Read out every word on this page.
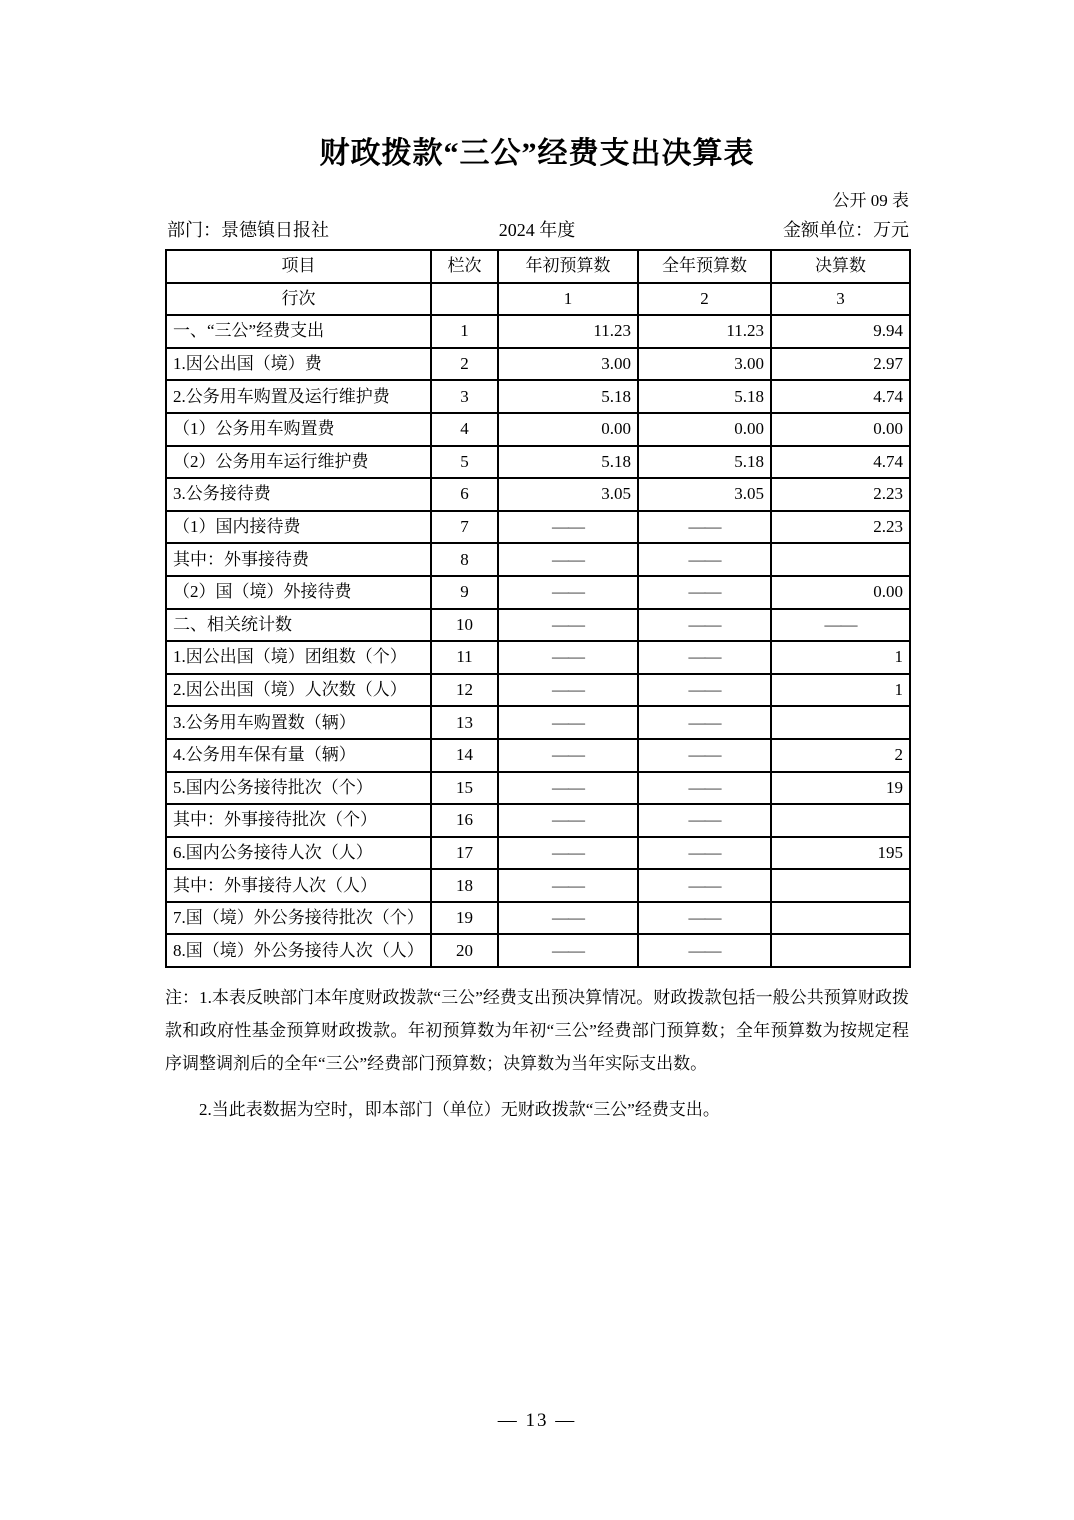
财政拨款“三公”经费支出决算表
公开 09 表
部门：景德镇日报社	2024 年度	金额单位：万元
项目	栏次	年初预算数	全年预算数	决算数
行次		1	2	3
一、“三公”经费支出	1	11.23	11.23	9.94
1.因公出国（境）费	2	3.00	3.00	2.97
2.公务用车购置及运行维护费	3	5.18	5.18	4.74
（1）公务用车购置费	4	0.00	0.00	0.00
（2）公务用车运行维护费	5	5.18	5.18	4.74
3.公务接待费	6	3.05	3.05	2.23
（1）国内接待费	7	——	——	2.23
其中：外事接待费	8	——	——	
（2）国（境）外接待费	9	——	——	0.00
二、相关统计数	10	——	——	——
1.因公出国（境）团组数（个）	11	——	——	1
2.因公出国（境）人次数（人）	12	——	——	1
3.公务用车购置数（辆）	13	——	——	
4.公务用车保有量（辆）	14	——	——	2
5.国内公务接待批次（个）	15	——	——	19
其中：外事接待批次（个）	16	——	——	
6.国内公务接待人次（人）	17	——	——	195
其中：外事接待人次（人）	18	——	——	
7.国（境）外公务接待批次（个）	19	——	——	
8.国（境）外公务接待人次（人）	20	——	——	
注：1.本表反映部门本年度财政拨款“三公”经费支出预决算情况。财政拨款包括一般公共预算财政拨款和政府性基金预算财政拨款。年初预算数为年初“三公”经费部门预算数；全年预算数为按规定程序调整调剂后的全年“三公”经费部门预算数；决算数为当年实际支出数。
2.当此表数据为空时，即本部门（单位）无财政拨款“三公”经费支出。
— 13 —
